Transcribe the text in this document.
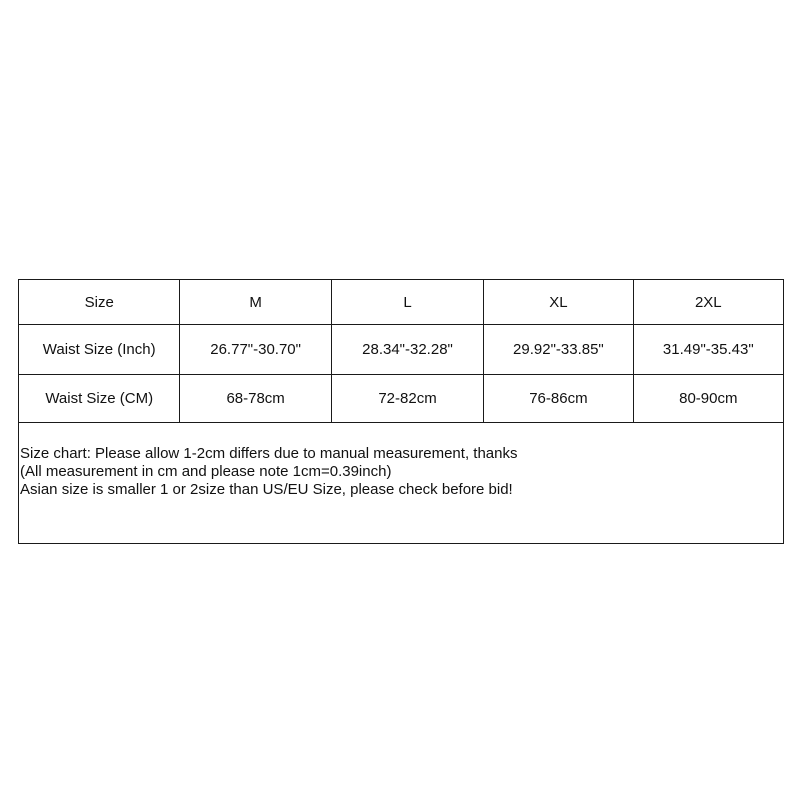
Size	M	L	XL	2XL
Waist Size (Inch)	26.77"-30.70"	28.34"-32.28"	29.92"-33.85"	31.49"-35.43"
Waist Size (CM)	68-78cm	72-82cm	76-86cm	80-90cm

Size chart: Please allow 1-2cm differs due to manual measurement, thanks
(All measurement in cm and please note 1cm=0.39inch)
Asian size is smaller 1 or 2size than US/EU Size, please check before bid!				
